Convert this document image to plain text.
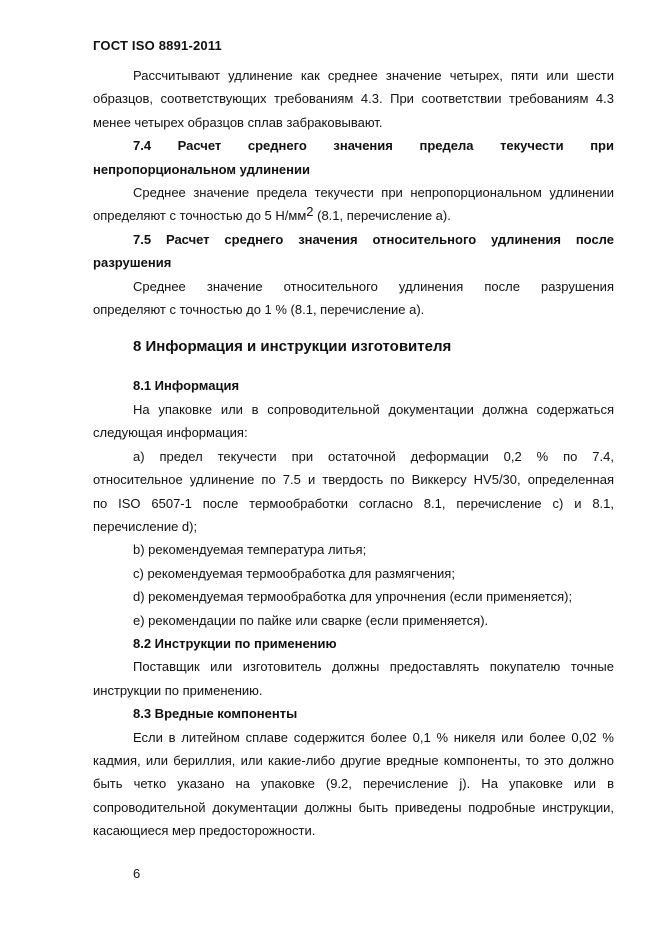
ГОСТ ISO 8891-2011

Рассчитывают удлинение как среднее значение четырех, пяти или шести

образцов, соответствующих требованиям 4.3. При соответствии требованиям 4.3

менее четырех образцов сплав забраковывают.

7.4 Расчет среднего значения предела текучести при

непропорциональном удлинении

Среднее значение предела текучести при непропорциональном удлинении

определяют с точностью до 5 $Н/мм^2$ (8.1, перечисление а).

7.5 Расчет среднего значения относительного удлинения после

разрушения

Среднее значение относительного удлинения после разрушения

определяют с точностью до 1 % (8.1, перечисление а).

8 Информация и инструкции изготовителя

8.1 Информация

На упаковке или в сопроводительной документации должна содержаться

следующая информация:

а) предел текучести при остаточной деформации 0,2 % по 7.4,

относительное удлинение по 7.5 и твердость по Виккерсу HV5/30, определенная

по ISO 6507-1 после термообработки согласно 8.1, перечисление с) и 8.1,

перечисление d);

b) рекомендуемая температура литья;

c) рекомендуемая термообработка для размягчения;

d) рекомендуемая термообработка для упрочнения (если применяется);

e) рекомендации по пайке или сварке (если применяется).

8.2 Инструкции по применению

Поставщик или изготовитель должны предоставлять покупателю точные

инструкции по применению.

8.3 Вредные компоненты

Если в литейном сплаве содержится более 0,1 % никеля или более 0,02 %

кадмия, или бериллия, или какие-либо другие вредные компоненты, то это должно

быть четко указано на упаковке (9.2, перечисление j). На упаковке или в

сопроводительной документации должны быть приведены подробные инструкции,

касающиеся мер предосторожности.

6
